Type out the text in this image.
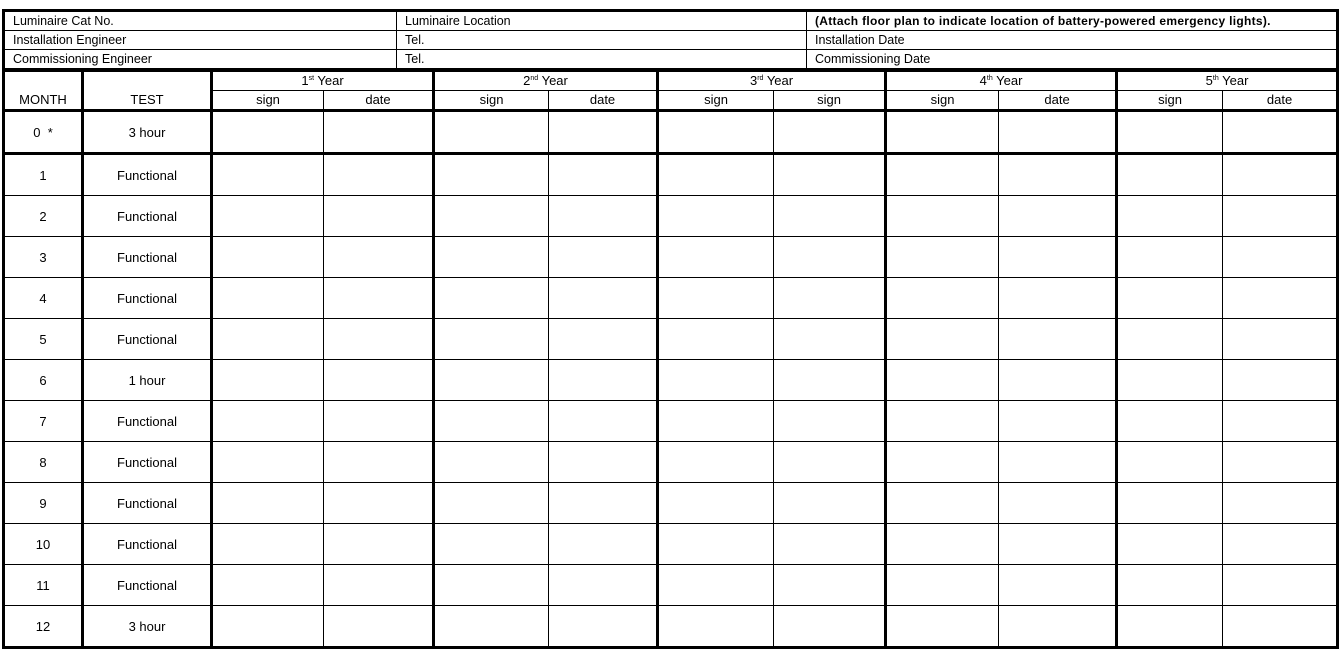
Luminaire Cat No.	Luminaire Location	(Attach floor plan to indicate location of battery-powered emergency lights).
Installation Engineer	Tel.	Installation Date
Commissioning Engineer	Tel.	Commissioning Date
MONTH	TEST	1st Year		2nd Year		3rd Year		4th Year		5th Year	
		sign	date	sign	date	sign	sign	sign	date	sign	date
0  *	3 hour										
1	Functional										
2	Functional										
3	Functional										
4	Functional										
5	Functional										
6	1 hour										
7	Functional										
8	Functional										
9	Functional										
10	Functional										
11	Functional										
12	3 hour										
